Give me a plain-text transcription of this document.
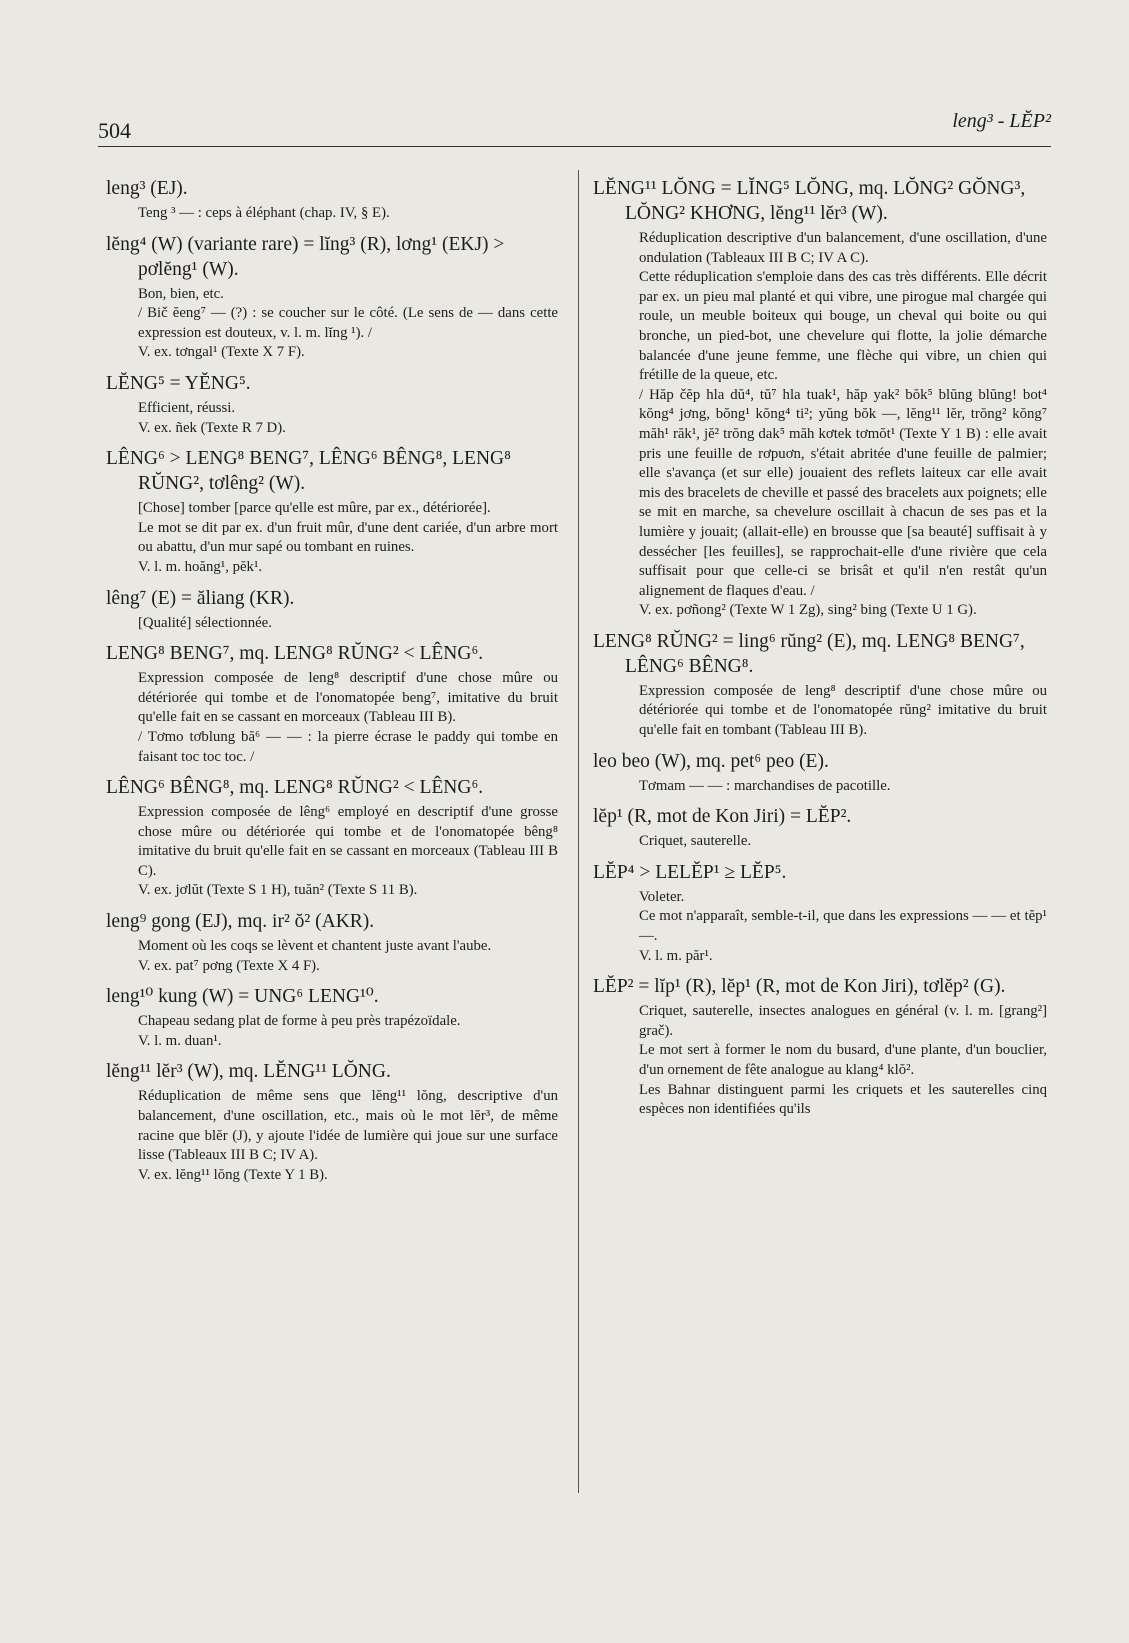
504	leng³ - LĔP²
leng³ (EJ).

Teng ³ — : ceps à éléphant (chap. IV, § E).

lĕng⁴ (W) (variante rare) = lĭng³ (R), lơng¹ (EKJ) > pơlĕng¹ (W).

Bon, bien, etc.

/ Bič ĕeng⁷ — (?) : se coucher sur le côté. (Le sens de — dans cette expression est douteux, v. l. m. lĭng ¹). /

V. ex. tơngal¹ (Texte X 7 F).

LĔNG⁵ = YĔNG⁵.

Efficient, réussi.

V. ex. ñek (Texte R 7 D).

LÊNG⁶ > LENG⁸ BENG⁷, LÊNG⁶ BÊNG⁸, LENG⁸ RŬNG², tơlêng² (W).

[Chose] tomber [parce qu'elle est mûre, par ex., détériorée].

Le mot se dit par ex. d'un fruit mûr, d'une dent cariée, d'un arbre mort ou abattu, d'un mur sapé ou tombant en ruines.

V. l. m. hoăng¹, pĕk¹.

lêng⁷ (E) = ăliang (KR).

[Qualité] sélectionnée.

LENG⁸ BENG⁷, mq. LENG⁸ RŬNG² < LÊNG⁶.

Expression composée de leng⁸ descriptif d'une chose mûre ou détériorée qui tombe et de l'onomatopée beng⁷, imitative du bruit qu'elle fait en se cassant en morceaux (Tableau III B).

/ Tơmo tơblung bă⁶ — — : la pierre écrase le paddy qui tombe en faisant toc toc toc. /

LÊNG⁶ BÊNG⁸, mq. LENG⁸ RŬNG² < LÊNG⁶.

Expression composée de lêng⁶ employé en descriptif d'une grosse chose mûre ou détériorée qui tombe et de l'onomatopée bêng⁸ imitative du bruit qu'elle fait en se cassant en morceaux (Tableau III B C).

V. ex. jơlŭt (Texte S 1 H), tuăn² (Texte S 11 B).

leng⁹ gong (EJ), mq. ir² ŏ² (AKR).

Moment où les coqs se lèvent et chantent juste avant l'aube.

V. ex. pat⁷ pơng (Texte X 4 F).

leng¹⁰ kung (W) = UNG⁶ LENG¹⁰.

Chapeau sedang plat de forme à peu près trapézoïdale.

V. l. m. duan¹.

lĕng¹¹ lĕr³ (W), mq. LĔNG¹¹ LŎNG.

Réduplication de même sens que lĕng¹¹ lŏng, descriptive d'un balancement, d'une oscillation, etc., mais où le mot lĕr³, de même racine que blĕr (J), y ajoute l'idée de lumière qui joue sur une surface lisse (Tableaux III B C; IV A).

V. ex. lĕng¹¹ lŏng (Texte Y 1 B).

LĔNG¹¹ LŎNG = LĬNG⁵ LŎNG, mq. LŎNG² GŎNG³, LŎNG² KHƠNG, lĕng¹¹ lĕr³ (W).

Réduplication descriptive d'un balancement, d'une oscillation, d'une ondulation (Tableaux III B C; IV A C).

Cette réduplication s'emploie dans des cas très différents. Elle décrit par ex. un pieu mal planté et qui vibre, une pirogue mal chargée qui roule, un meuble boiteux qui bouge, un cheval qui boite ou qui bronche, un pied-bot, une chevelure qui flotte, la jolie démarche balancée d'une jeune femme, une flèche qui vibre, un chien qui frétille de la queue, etc.

/ Hăp čĕp hla dŭ⁴, tŭ⁷ hla tuak¹, hăp yak² bŏk⁵ blŭng blŭng! bot⁴ kŏng⁴ jơng, bŏng¹ kŏng⁴ ti²; yŭng bŏk —, lĕng¹¹ lĕr, trŏng² kŏng⁷ măh¹ răk¹, jĕ² trŏng dak⁵ măh kơtek tơmŏt¹ (Texte Y 1 B) : elle avait pris une feuille de rơpuơn, s'était abritée d'une feuille de palmier; elle s'avança (et sur elle) jouaient des reflets laiteux car elle avait mis des bracelets de cheville et passé des bracelets aux poignets; elle se mit en marche, sa chevelure oscillait à chacun de ses pas et la lumière y jouait; (allait-elle) en brousse que [sa beauté] suffisait à y dessécher [les feuilles], se rapprochait-elle d'une rivière que cela suffisait pour que celle-ci se brisât et qu'il n'en restât qu'un alignement de flaques d'eau. /

V. ex. pơñong² (Texte W 1 Zg), sing² bing (Texte U 1 G).

LENG⁸ RŬNG² = ling⁶ rŭng² (E), mq. LENG⁸ BENG⁷, LÊNG⁶ BÊNG⁸.

Expression composée de leng⁸ descriptif d'une chose mûre ou détériorée qui tombe et de l'onomatopée rŭng² imitative du bruit qu'elle fait en tombant (Tableau III B).

leo beo (W), mq. pet⁶ peo (E).

Tơmam — — : marchandises de pacotille.

lĕp¹ (R, mot de Kon Jiri) = LĔP².

Criquet, sauterelle.

LĔP⁴ > LELĔP¹ ≥ LĔP⁵.

Voleter.

Ce mot n'apparaît, semble-t-il, que dans les expressions — — et tĕp¹ —.

V. l. m. păr¹.

LĔP² = lĭp¹ (R), lĕp¹ (R, mot de Kon Jiri), tơlĕp² (G).

Criquet, sauterelle, insectes analogues en général (v. l. m. [grang²] grač).

Le mot sert à former le nom du busard, d'une plante, d'un bouclier, d'un ornement de fête analogue au klang⁴ klŏ².

Les Bahnar distinguent parmi les criquets et les sauterelles cinq espèces non identifiées qu'ils
